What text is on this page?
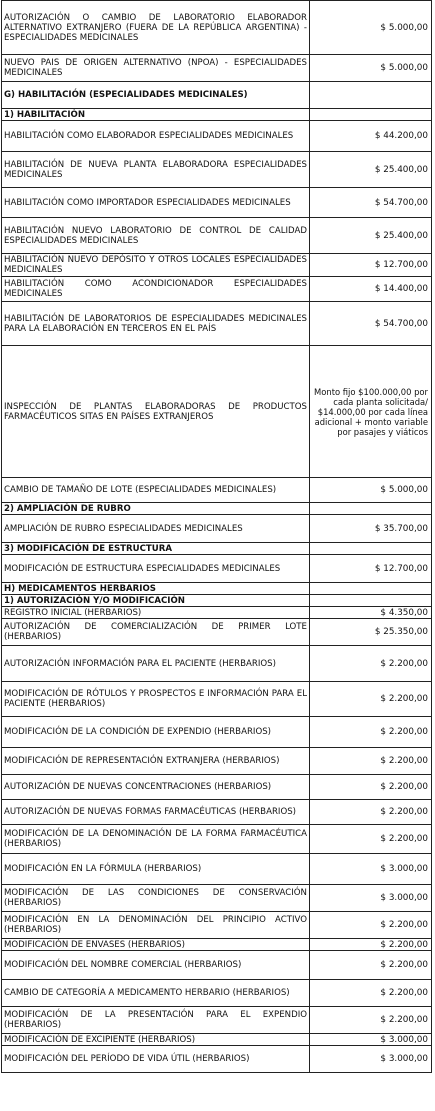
AUTORIZACIÓN O CAMBIO DE LABORATORIO ELABORADOR ALTERNATIVO EXTRANJERO (FUERA DE LA REPÚBLICA ARGENTINA) - ESPECIALIDADES MEDICINALES	$ 5.000,00
NUEVO PAIS DE ORIGEN ALTERNATIVO (NPOA) - ESPECIALIDADES MEDICINALES	$ 5.000,00
G) HABILITACIÓN (ESPECIALIDADES MEDICINALES)	
1) HABILITACIÓN	
HABILITACIÓN COMO ELABORADOR ESPECIALIDADES MEDICINALES	$ 44.200,00
HABILITACIÓN DE NUEVA PLANTA ELABORADORA ESPECIALIDADES MEDICINALES	$ 25.400,00
HABILITACIÓN COMO IMPORTADOR ESPECIALIDADES MEDICINALES	$ 54.700,00
HABILITACIÓN NUEVO LABORATORIO DE CONTROL DE CALIDAD ESPECIALIDADES MEDICINALES	$ 25.400,00
HABILITACIÓN NUEVO DEPÓSITO Y OTROS LOCALES ESPECIALIDADES MEDICINALES	$ 12.700,00
HABILITACIÓN COMO ACONDICIONADOR ESPECIALIDADES MEDICINALES	$ 14.400,00
HABILITACIÓN DE LABORATORIOS DE ESPECIALIDADES MEDICINALES PARA LA ELABORACIÓN EN TERCEROS EN EL PAÍS	$ 54.700,00
INSPECCIÓN DE PLANTAS ELABORADORAS DE PRODUCTOS FARMACÉUTICOS SITAS EN PAÍSES EXTRANJEROS	Monto fijo $100.000,00 por cada planta solicitada/ $14.000,00 por cada línea adicional + monto variable por pasajes y viáticos
CAMBIO DE TAMAÑO DE LOTE (ESPECIALIDADES MEDICINALES)	$ 5.000,00
2) AMPLIACIÓN DE RUBRO	
AMPLIACIÓN DE RUBRO ESPECIALIDADES MEDICINALES	$ 35.700,00
3) MODIFICACIÓN DE ESTRUCTURA	
MODIFICACIÓN DE ESTRUCTURA ESPECIALIDADES MEDICINALES	$ 12.700,00
H) MEDICAMENTOS HERBARIOS	
1) AUTORIZACIÓN Y/O MODIFICACIÓN	
REGISTRO INICIAL (HERBARIOS)	$ 4.350,00
AUTORIZACIÓN DE COMERCIALIZACIÓN DE PRIMER LOTE (HERBARIOS)	$ 25.350,00
AUTORIZACIÓN INFORMACIÓN PARA EL PACIENTE (HERBARIOS)	$ 2.200,00
MODIFICACIÓN DE RÓTULOS Y PROSPECTOS E INFORMACIÓN PARA EL PACIENTE (HERBARIOS)	$ 2.200,00
MODIFICACIÓN DE LA CONDICIÓN DE EXPENDIO (HERBARIOS)	$ 2.200,00
MODIFICACIÓN DE REPRESENTACIÓN EXTRANJERA (HERBARIOS)	$ 2.200,00
AUTORIZACIÓN DE NUEVAS CONCENTRACIONES (HERBARIOS)	$ 2.200,00
AUTORIZACIÓN DE NUEVAS FORMAS FARMACÉUTICAS (HERBARIOS)	$ 2.200,00
MODIFICACIÓN DE LA DENOMINACIÓN DE LA FORMA FARMACÉUTICA (HERBARIOS)	$ 2.200,00
MODIFICACIÓN EN LA FÓRMULA (HERBARIOS)	$ 3.000,00
MODIFICACIÓN DE LAS CONDICIONES DE CONSERVACIÓN (HERBARIOS)	$ 3.000,00
MODIFICACIÓN EN LA DENOMINACIÓN DEL PRINCIPIO ACTIVO (HERBARIOS)	$ 2.200,00
MODIFICACIÓN DE ENVASES (HERBARIOS)	$ 2.200,00
MODIFICACIÓN DEL NOMBRE COMERCIAL (HERBARIOS)	$ 2.200,00
CAMBIO DE CATEGORÍA A MEDICAMENTO HERBARIO (HERBARIOS)	$ 2.200,00
MODIFICACIÓN DE LA PRESENTACIÓN PARA EL EXPENDIO (HERBARIOS)	$ 2.200,00
MODIFICACIÓN DE EXCIPIENTE (HERBARIOS)	$ 3.000,00
MODIFICACIÓN DEL PERÍODO DE VIDA ÚTIL (HERBARIOS)	$ 3.000,00
